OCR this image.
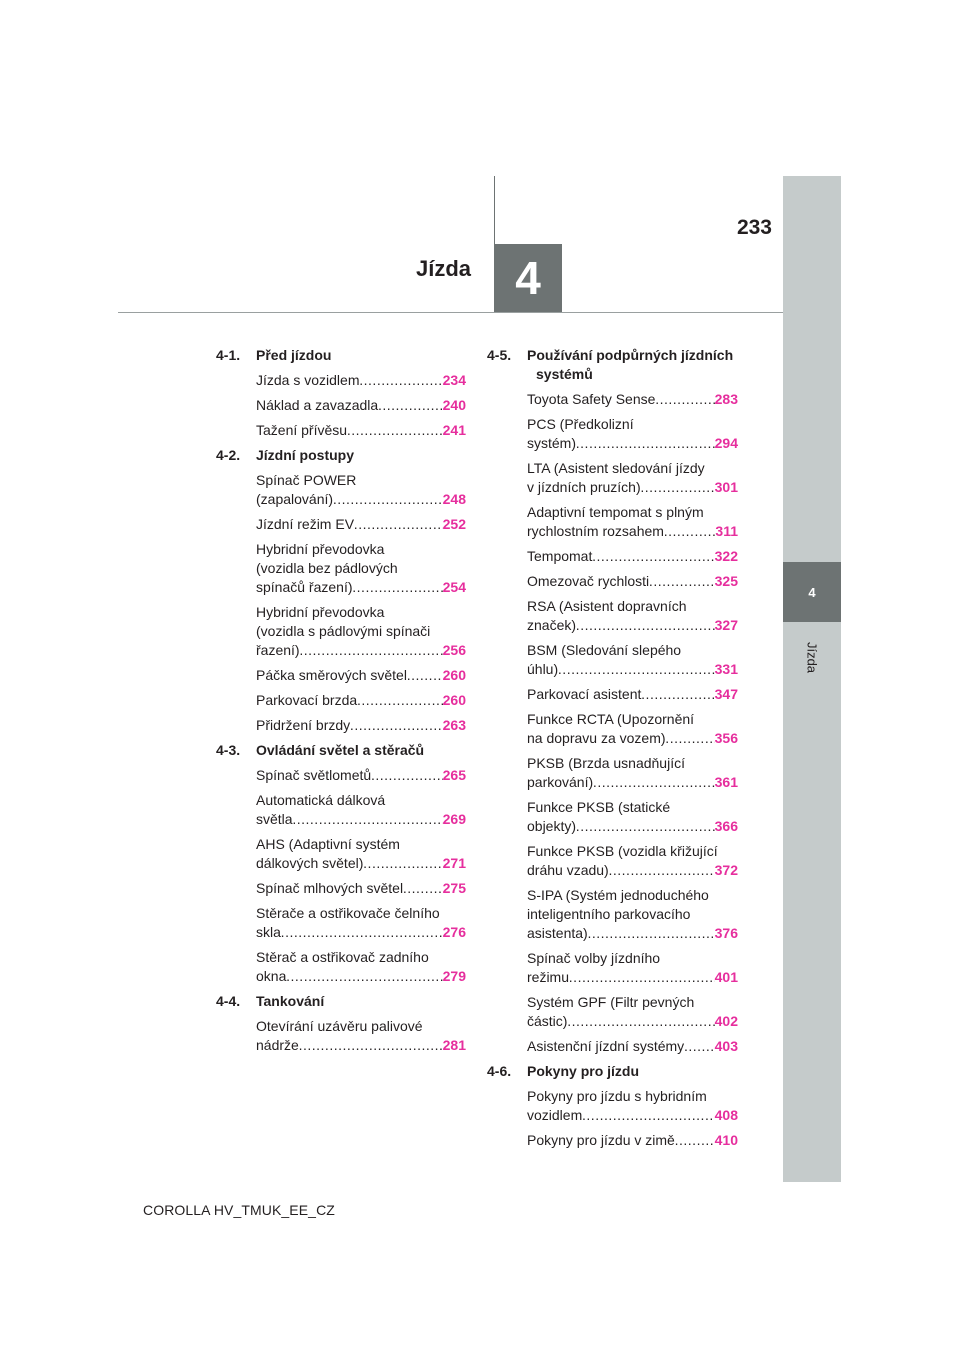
4
Jízda
4
Jízda
233
4-1.	Před jízdou
Jízda s vozidlem .....	234
Náklad a zavazadla .....	240
Tažení přívěsu .....	241
4-2.	Jízdní postupy
Spínač POWER
(zapalování) .....	248
Jízdní režim EV .....	252
Hybridní převodovka
(vozidla bez pádlových
spínačů řazení) .....	254
Hybridní převodovka
(vozidla s pádlovými spínači
řazení) .....	256
Páčka směrových světel .....	260
Parkovací brzda .....	260
Přidržení brzdy .....	263
4-3.	Ovládání světel a stěračů
Spínač světlometů .....	265
Automatická dálková
světla .....	269
AHS (Adaptivní systém
dálkových světel) .....	271
Spínač mlhových světel .....	275
Stěrače a ostřikovače čelního
skla .....	276
Stěrač a ostřikovač zadního
okna .....	279
4-4.	Tankování
Otevírání uzávěru palivové
nádrže .....	281
4-5.	Používání podpůrných jízdních systémů
Toyota Safety Sense .....	283
PCS (Předkolizní
systém) .....	294
LTA (Asistent sledování jízdy
v jízdních pruzích) .....	301
Adaptivní tempomat s plným
rychlostním rozsahem .....	311
Tempomat .....	322
Omezovač rychlosti .....	325
RSA (Asistent dopravních
značek) .....	327
BSM (Sledování slepého
úhlu) .....	331
Parkovací asistent .....	347
Funkce RCTA (Upozornění
na dopravu za vozem) .....	356
PKSB (Brzda usnadňující
parkování) .....	361
Funkce PKSB (statické
objekty) .....	366
Funkce PKSB (vozidla křižující
dráhu vzadu) .....	372
S-IPA (Systém jednoduchého
inteligentního parkovacího
asistenta) .....	376
Spínač volby jízdního
režimu .....	401
Systém GPF (Filtr pevných
částic) .....	402
Asistenční jízdní systémy ..... 403
4-6.	Pokyny pro jízdu
Pokyny pro jízdu s hybridním
vozidlem .....	408
Pokyny pro jízdu v zimě .....	410
COROLLA HV_TMUK_EE_CZ
